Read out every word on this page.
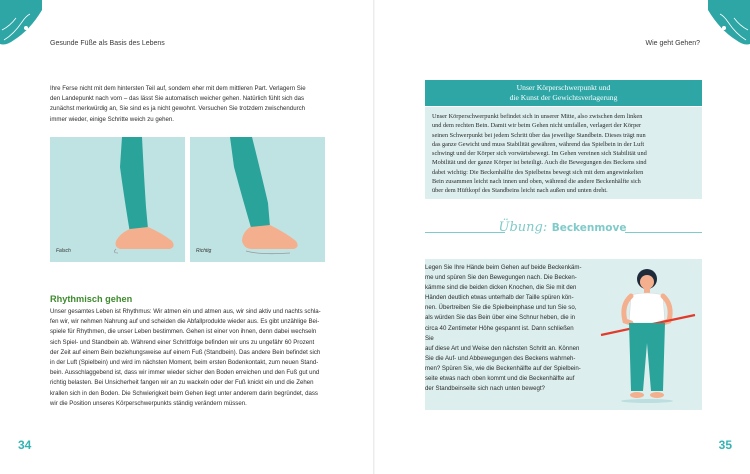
Gesunde Füße als Basis des Lebens
Ihre Ferse nicht mit dem hintersten Teil auf, sondern eher mit dem mittleren Part. Verlagern Sie
den Landepunkt nach vorn – das lässt Sie automatisch weicher gehen. Natürlich fühlt sich das
zunächst merkwürdig an, Sie sind es ja nicht gewohnt. Versuchen Sie trotzdem zwischendurch
immer wieder, einige Schritte weich zu gehen.
Falsch	Richtig
Rhythmisch gehen
Unser gesamtes Leben ist Rhythmus: Wir atmen ein und atmen aus, wir sind aktiv und nachts schla-
fen wir, wir nehmen Nahrung auf und scheiden die Abfallprodukte wieder aus. Es gibt unzählige Bei-
spiele für Rhythmen, die unser Leben bestimmen. Gehen ist einer von ihnen, denn dabei wechseln
sich Spiel- und Standbein ab. Während einer Schrittfolge befinden wir uns zu ungefähr 60 Prozent
der Zeit auf einem Bein beziehungsweise auf einem Fuß (Standbein). Das andere Bein befindet sich
in der Luft (Spielbein) und wird im nächsten Moment, beim ersten Bodenkontakt, zum neuen Stand-
bein. Ausschlaggebend ist, dass wir immer wieder sicher den Boden erreichen und den Fuß gut und
richtig belasten. Bei Unsicherheit fangen wir an zu wackeln oder der Fuß knickt ein und die Zehen
krallen sich in den Boden. Die Schwierigkeit beim Gehen liegt unter anderem darin begründet, dass
wir die Position unseres Körperschwerpunkts ständig verändern müssen.
34
Wie geht Gehen?
Unser Körperschwerpunkt und
die Kunst der Gewichtsverlagerung
Unser Körperschwerpunkt befindet sich in unserer Mitte, also zwischen dem linken
und dem rechten Bein. Damit wir beim Gehen nicht umfallen, verlagert der Körper
seinen Schwerpunkt bei jedem Schritt über das jeweilige Standbein. Dieses trägt nun
das ganze Gewicht und muss Stabilität gewähren, während das Spielbein in der Luft
schwingt und der Körper sich vorwärtsbewegt. Im Gehen vereinen sich Stabilität und
Mobilität und der ganze Körper ist beteiligt. Auch die Bewegungen des Beckens sind
dabei wichtig: Die Beckenhälfte des Spielbeins bewegt sich mit dem angewinkelten
Bein zusammen leicht nach innen und oben, während die andere Beckenhälfte sich
über dem Hüftkopf des Standbeins leicht nach außen und unten dreht.
Übung: Beckenmove
Legen Sie Ihre Hände beim Gehen auf beide Beckenkäm-
me und spüren Sie den Bewegungen nach. Die Becken-
kämme sind die beiden dicken Knochen, die Sie mit den
Händen deutlich etwas unterhalb der Taille spüren kön-
nen. Übertreiben Sie die Spielbeinphase und tun Sie so,
als würden Sie das Bein über eine Schnur heben, die in
circa 40 Zentimeter Höhe gespannt ist. Dann schließen Sie
auf diese Art und Weise den nächsten Schritt an. Können
Sie die Auf- und Abbewegungen des Beckens wahrneh-
men? Spüren Sie, wie die Beckenhälfte auf der Spielbein-
seite etwas nach oben kommt und die Beckenhälfte auf
der Standbeinseite sich nach unten bewegt?
35
